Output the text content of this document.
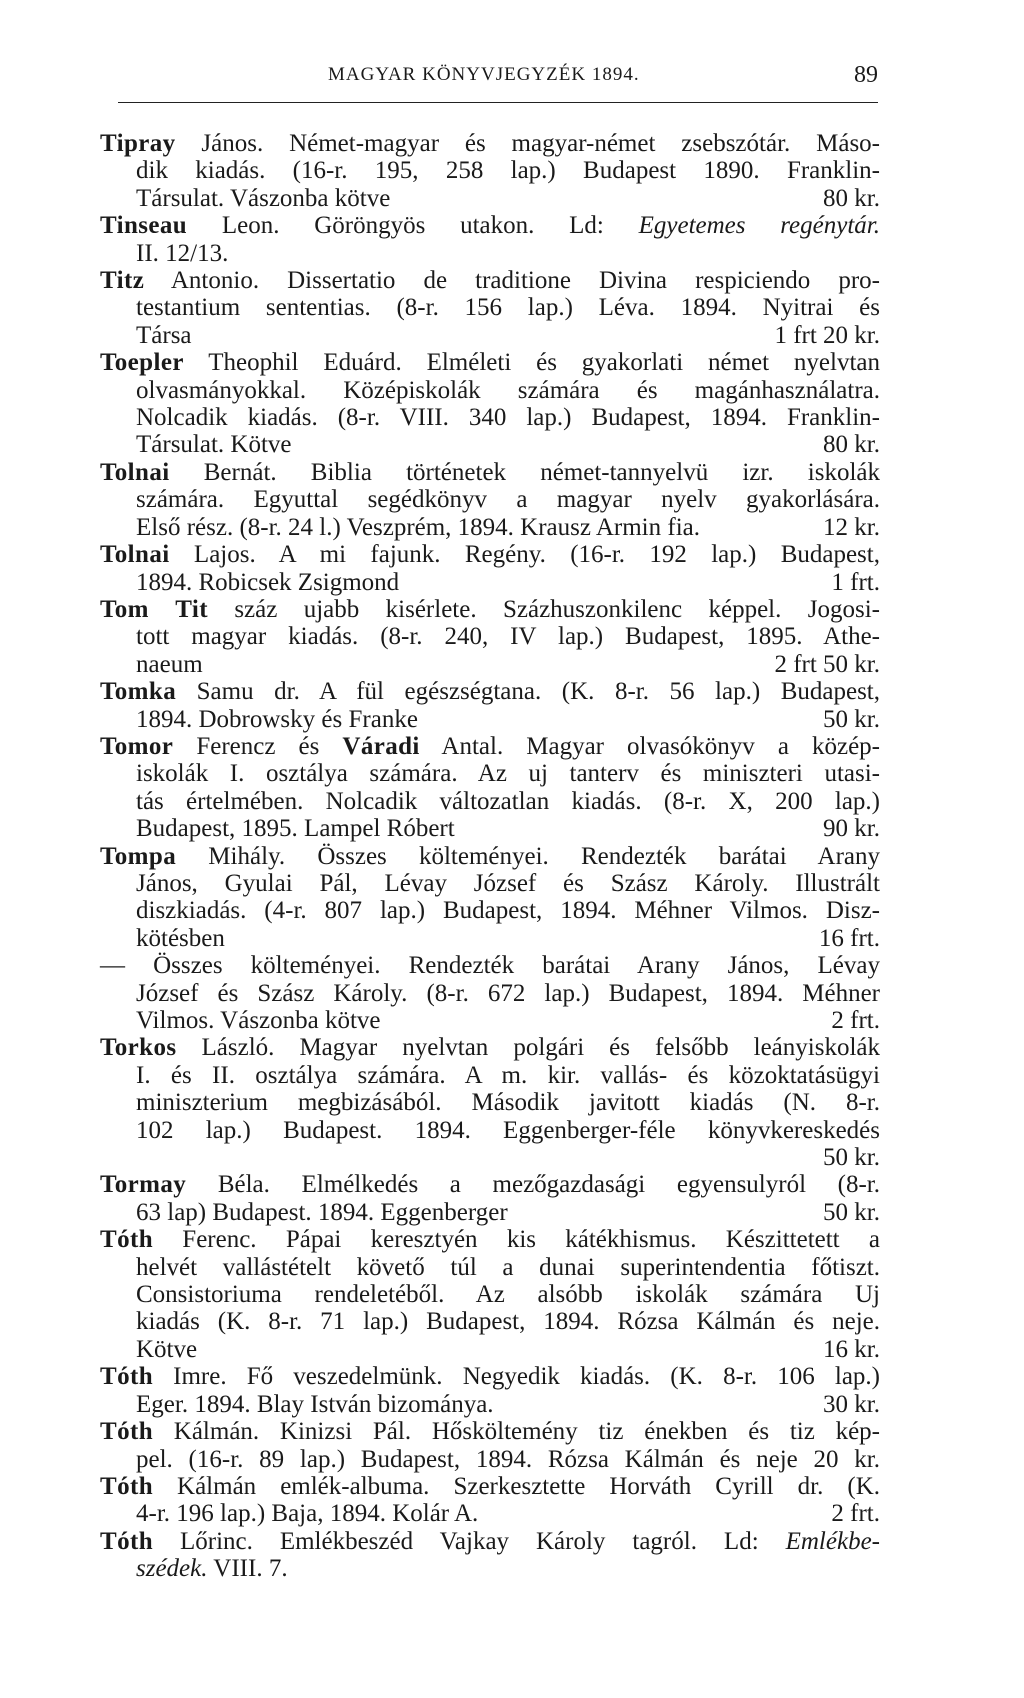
MAGYAR KÖNYVJEGYZÉK 1894.	89
Tipray János. Német-magyar és magyar-német zsebszótár. Máso-
dik kiadás. (16-r. 195, 258 lap.) Budapest 1890. Franklin-
Társulat. Vászonba kötve	80 kr.
Tinseau Leon. Göröngyös utakon. Ld: Egyetemes regénytár.
II. 12/13.
Titz Antonio. Dissertatio de traditione Divina respiciendo pro-
testantium sententias. (8-r. 156 lap.) Léva. 1894. Nyitrai és
Társa	1 frt 20 kr.
Toepler Theophil Eduárd. Elméleti és gyakorlati német nyelvtan
olvasmányokkal. Középiskolák számára és magánhasználatra.
Nolcadik kiadás. (8-r. VIII. 340 lap.) Budapest, 1894. Franklin-
Társulat. Kötve	80 kr.
Tolnai Bernát. Biblia történetek német-tannyelvü izr. iskolák
számára. Egyuttal segédkönyv a magyar nyelv gyakorlására.
Első rész. (8-r. 24 l.) Veszprém, 1894. Krausz Armin fia.	12 kr.
Tolnai Lajos. A mi fajunk. Regény. (16-r. 192 lap.) Budapest,
1894. Robicsek Zsigmond	1 frt.
Tom Tit száz ujabb kisérlete. Százhuszonkilenc képpel. Jogosi-
tott magyar kiadás. (8-r. 240, IV lap.) Budapest, 1895. Athe-
naeum	2 frt 50 kr.
Tomka Samu dr. A fül egészségtana. (K. 8-r. 56 lap.) Budapest,
1894. Dobrowsky és Franke	50 kr.
Tomor Ferencz és Váradi Antal. Magyar olvasókönyv a közép-
iskolák I. osztálya számára. Az uj tanterv és miniszteri utasi-
tás értelmében. Nolcadik változatlan kiadás. (8-r. X, 200 lap.)
Budapest, 1895. Lampel Róbert	90 kr.
Tompa Mihály. Összes költeményei. Rendezték barátai Arany
János, Gyulai Pál, Lévay József és Szász Károly. Illustrált
diszkiadás. (4-r. 807 lap.) Budapest, 1894. Méhner Vilmos. Disz-
kötésben	16 frt.
— Összes költeményei. Rendezték barátai Arany János, Lévay
József és Szász Károly. (8-r. 672 lap.) Budapest, 1894. Méhner
Vilmos. Vászonba kötve	2 frt.
Torkos László. Magyar nyelvtan polgári és felsőbb leányiskolák
I. és II. osztálya számára. A m. kir. vallás- és közoktatásügyi
miniszterium megbizásából. Második javitott kiadás (N. 8-r.
102 lap.) Budapest. 1894. Eggenberger-féle könyvkereskedés
50 kr.
Tormay Béla. Elmélkedés a mezőgazdasági egyensulyról (8-r.
63 lap) Budapest. 1894. Eggenberger	50 kr.
Tóth Ferenc. Pápai keresztyén kis kátékhismus. Készittetett a
helvét vallástételt követő túl a dunai superintendentia főtiszt.
Consistoriuma rendeletéből. Az alsóbb iskolák számára Uj
kiadás (K. 8-r. 71 lap.) Budapest, 1894. Rózsa Kálmán és neje.
Kötve	16 kr.
Tóth Imre. Fő veszedelmünk. Negyedik kiadás. (K. 8-r. 106 lap.)
Eger. 1894. Blay István bizománya.	30 kr.
Tóth Kálmán. Kinizsi Pál. Hősköltemény tiz énekben és tiz kép-
pel. (16-r. 89 lap.) Budapest, 1894. Rózsa Kálmán és neje 20 kr.
Tóth Kálmán emlék-albuma. Szerkesztette Horváth Cyrill dr. (K.
4-r. 196 lap.) Baja, 1894. Kolár A.	2 frt.
Tóth Lőrinc. Emlékbeszéd Vajkay Károly tagról. Ld: Emlékbe-
szédek. VIII. 7.
